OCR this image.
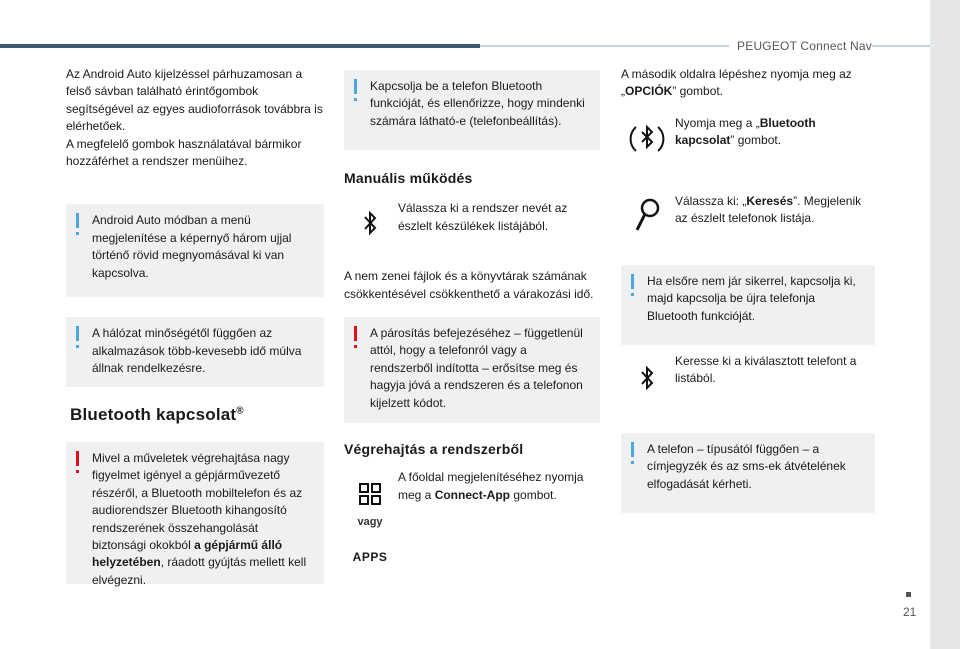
PEUGEOT Connect Nav
21

Az Android Auto kijelzéssel párhuzamosan a felső sávban található érintőgombok segítségével az egyes audioforrások továbbra is elérhetőek.

A megfelelő gombok használatával bármikor hozzáférhet a rendszer menüihez.

Android Auto módban a menü megjelenítése a képernyő három ujjal történő rövid megnyomásával ki van kapcsolva.
A hálózat minőségétől függően az alkalmazások több-kevesebb idő múlva állnak rendelkezésre.
Bluetooth kapcsolat®
Mivel a műveletek végrehajtása nagy figyelmet igényel a gépjárművezető részéről, a Bluetooth mobiltelefon és az audiorendszer Bluetooth kihangosító rendszerének összehangolását biztonsági okokból a gépjármű álló helyzetében, ráadott gyújtás mellett kell elvégezni.
Kapcsolja be a telefon Bluetooth funkcióját, és ellenőrizze, hogy mindenki számára látható-e (telefonbeállítás).
Manuális működés
Válassza ki a rendszer nevét az észlelt készülékek listájából.

A nem zenei fájlok és a könyvtárak számának csökkentésével csökkenthető a várakozási idő.

A párosítás befejezéséhez – függetlenül attól, hogy a telefonról vagy a rendszerből indította – erősítse meg és hagyja jóvá a rendszeren és a telefonon kijelzett kódot.
Végrehajtás a rendszerből
vagy
APPS
A főoldal megjelenítéséhez nyomja meg a Connect-App gombot.

A második oldalra lépéshez nyomja meg az „OPCIÓK” gombot.

Nyomja meg a „Bluetooth kapcsolat” gombot.
Válassza ki: „Keresés”. Megjelenik az észlelt telefonok listája.
Ha elsőre nem jár sikerrel, kapcsolja ki, majd kapcsolja be újra telefonja Bluetooth funkcióját.
Keresse ki a kiválasztott telefont a listából.
A telefon – típusától függően – a címjegyzék és az sms-ek átvételének elfogadását kérheti.
